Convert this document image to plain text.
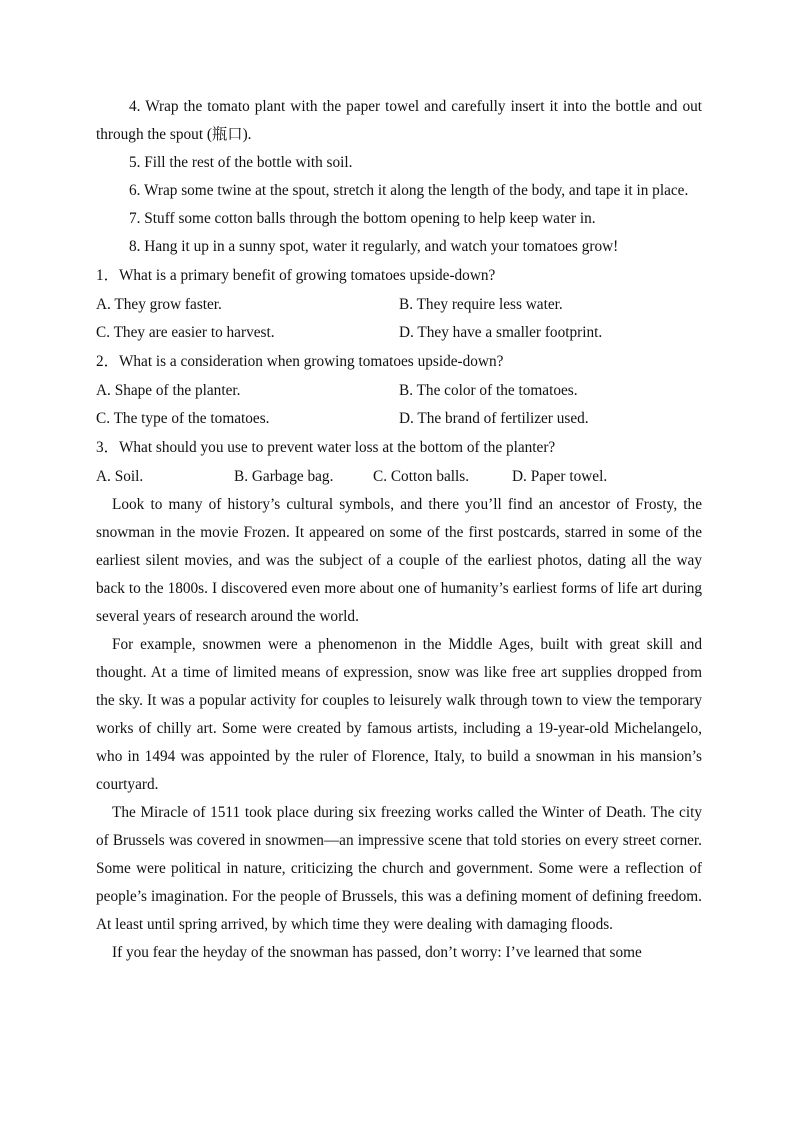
4. Wrap the tomato plant with the paper towel and carefully insert it into the bottle and out through the spout (瓶口).

5. Fill the rest of the bottle with soil.

6. Wrap some twine at the spout, stretch it along the length of the body, and tape it in place.

7. Stuff some cotton balls through the bottom opening to help keep water in.

8. Hang it up in a sunny spot, water it regularly, and watch your tomatoes grow!

1．What is a primary benefit of growing tomatoes upside-down?
A. They grow faster.	B. They require less water.
C. They are easier to harvest.	D. They have a smaller footprint.
2．What is a consideration when growing tomatoes upside-down?
A. Shape of the planter.	B. The color of the tomatoes.
C. The type of the tomatoes.	D. The brand of fertilizer used.
3．What should you use to prevent water loss at the bottom of the planter?
A. Soil.	B. Garbage bag.	C. Cotton balls.	D. Paper towel.

Look to many of history’s cultural symbols, and there you’ll find an ancestor of Frosty, the snowman in the movie Frozen. It appeared on some of the first postcards, starred in some of the earliest silent movies, and was the subject of a couple of the earliest photos, dating all the way back to the 1800s. I discovered even more about one of humanity’s earliest forms of life art during several years of research around the world.

For example, snowmen were a phenomenon in the Middle Ages, built with great skill and thought. At a time of limited means of expression, snow was like free art supplies dropped from the sky. It was a popular activity for couples to leisurely walk through town to view the temporary works of chilly art. Some were created by famous artists, including a 19-year-old Michelangelo, who in 1494 was appointed by the ruler of Florence, Italy, to build a snowman in his mansion’s courtyard.

The Miracle of 1511 took place during six freezing works called the Winter of Death. The city of Brussels was covered in snowmen—an impressive scene that told stories on every street corner. Some were political in nature, criticizing the church and government. Some were a reflection of people’s imagination. For the people of Brussels, this was a defining moment of defining freedom. At least until spring arrived, by which time they were dealing with damaging floods.

If you fear the heyday of the snowman has passed, don’t worry: I’ve learned that some
